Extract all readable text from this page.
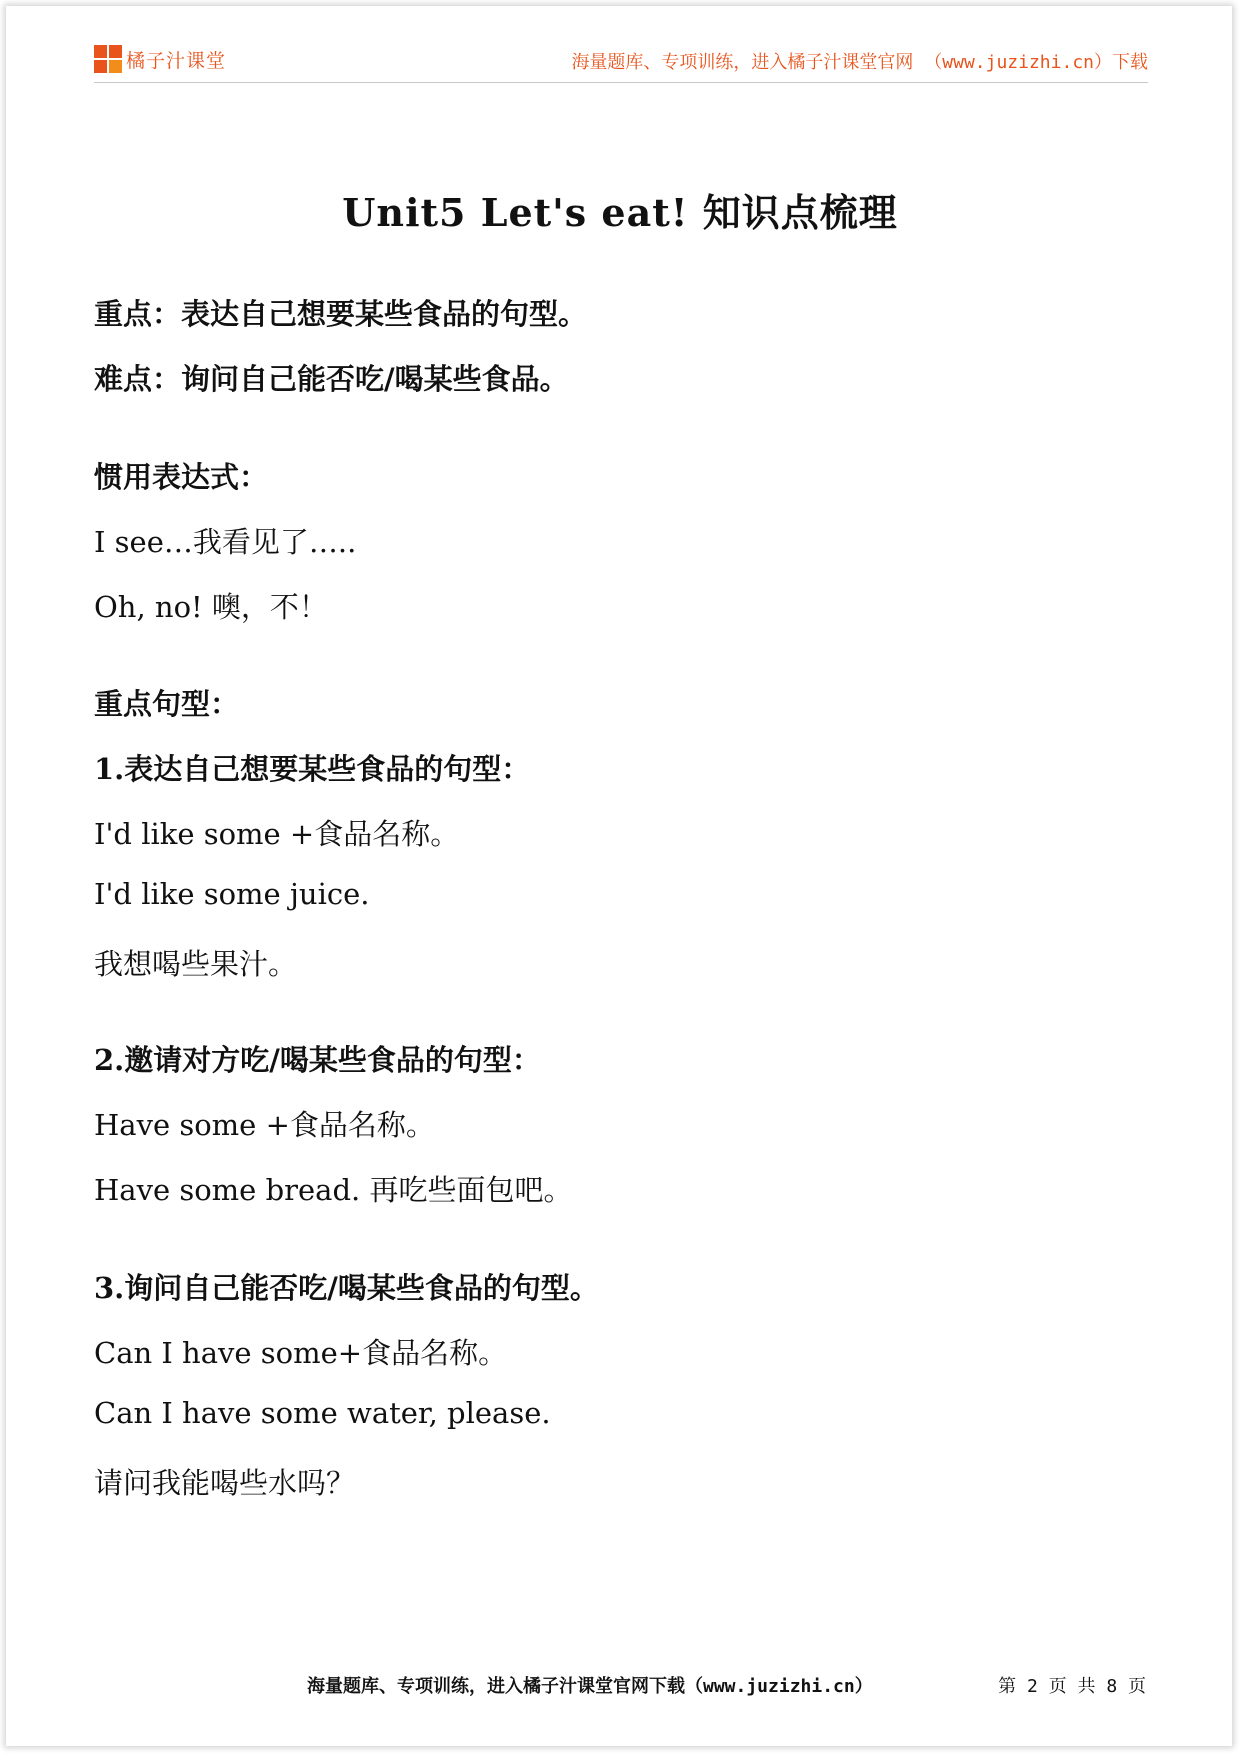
橘子汁课堂	海量题库、专项训练，进入橘子汁课堂官网 （www.juzizhi.cn）下载
Unit5 Let's eat! 知识点梳理
重点：表达自己想要某些食品的句型。
难点：询问自己能否吃/喝某些食品。
惯用表达式：
I see…我看见了…..
Oh, no! 噢，不！
重点句型：
1.表达自己想要某些食品的句型：
I'd like some +食品名称。
I'd like some juice.
我想喝些果汁。
2.邀请对方吃/喝某些食品的句型：
Have some +食品名称。
Have some bread. 再吃些面包吧。
3.询问自己能否吃/喝某些食品的句型。
Can I have some+食品名称。
Can I have some water, please.
请问我能喝些水吗？
海量题库、专项训练，进入橘子汁课堂官网下载（www.juzizhi.cn）	第 2 页 共 8 页
